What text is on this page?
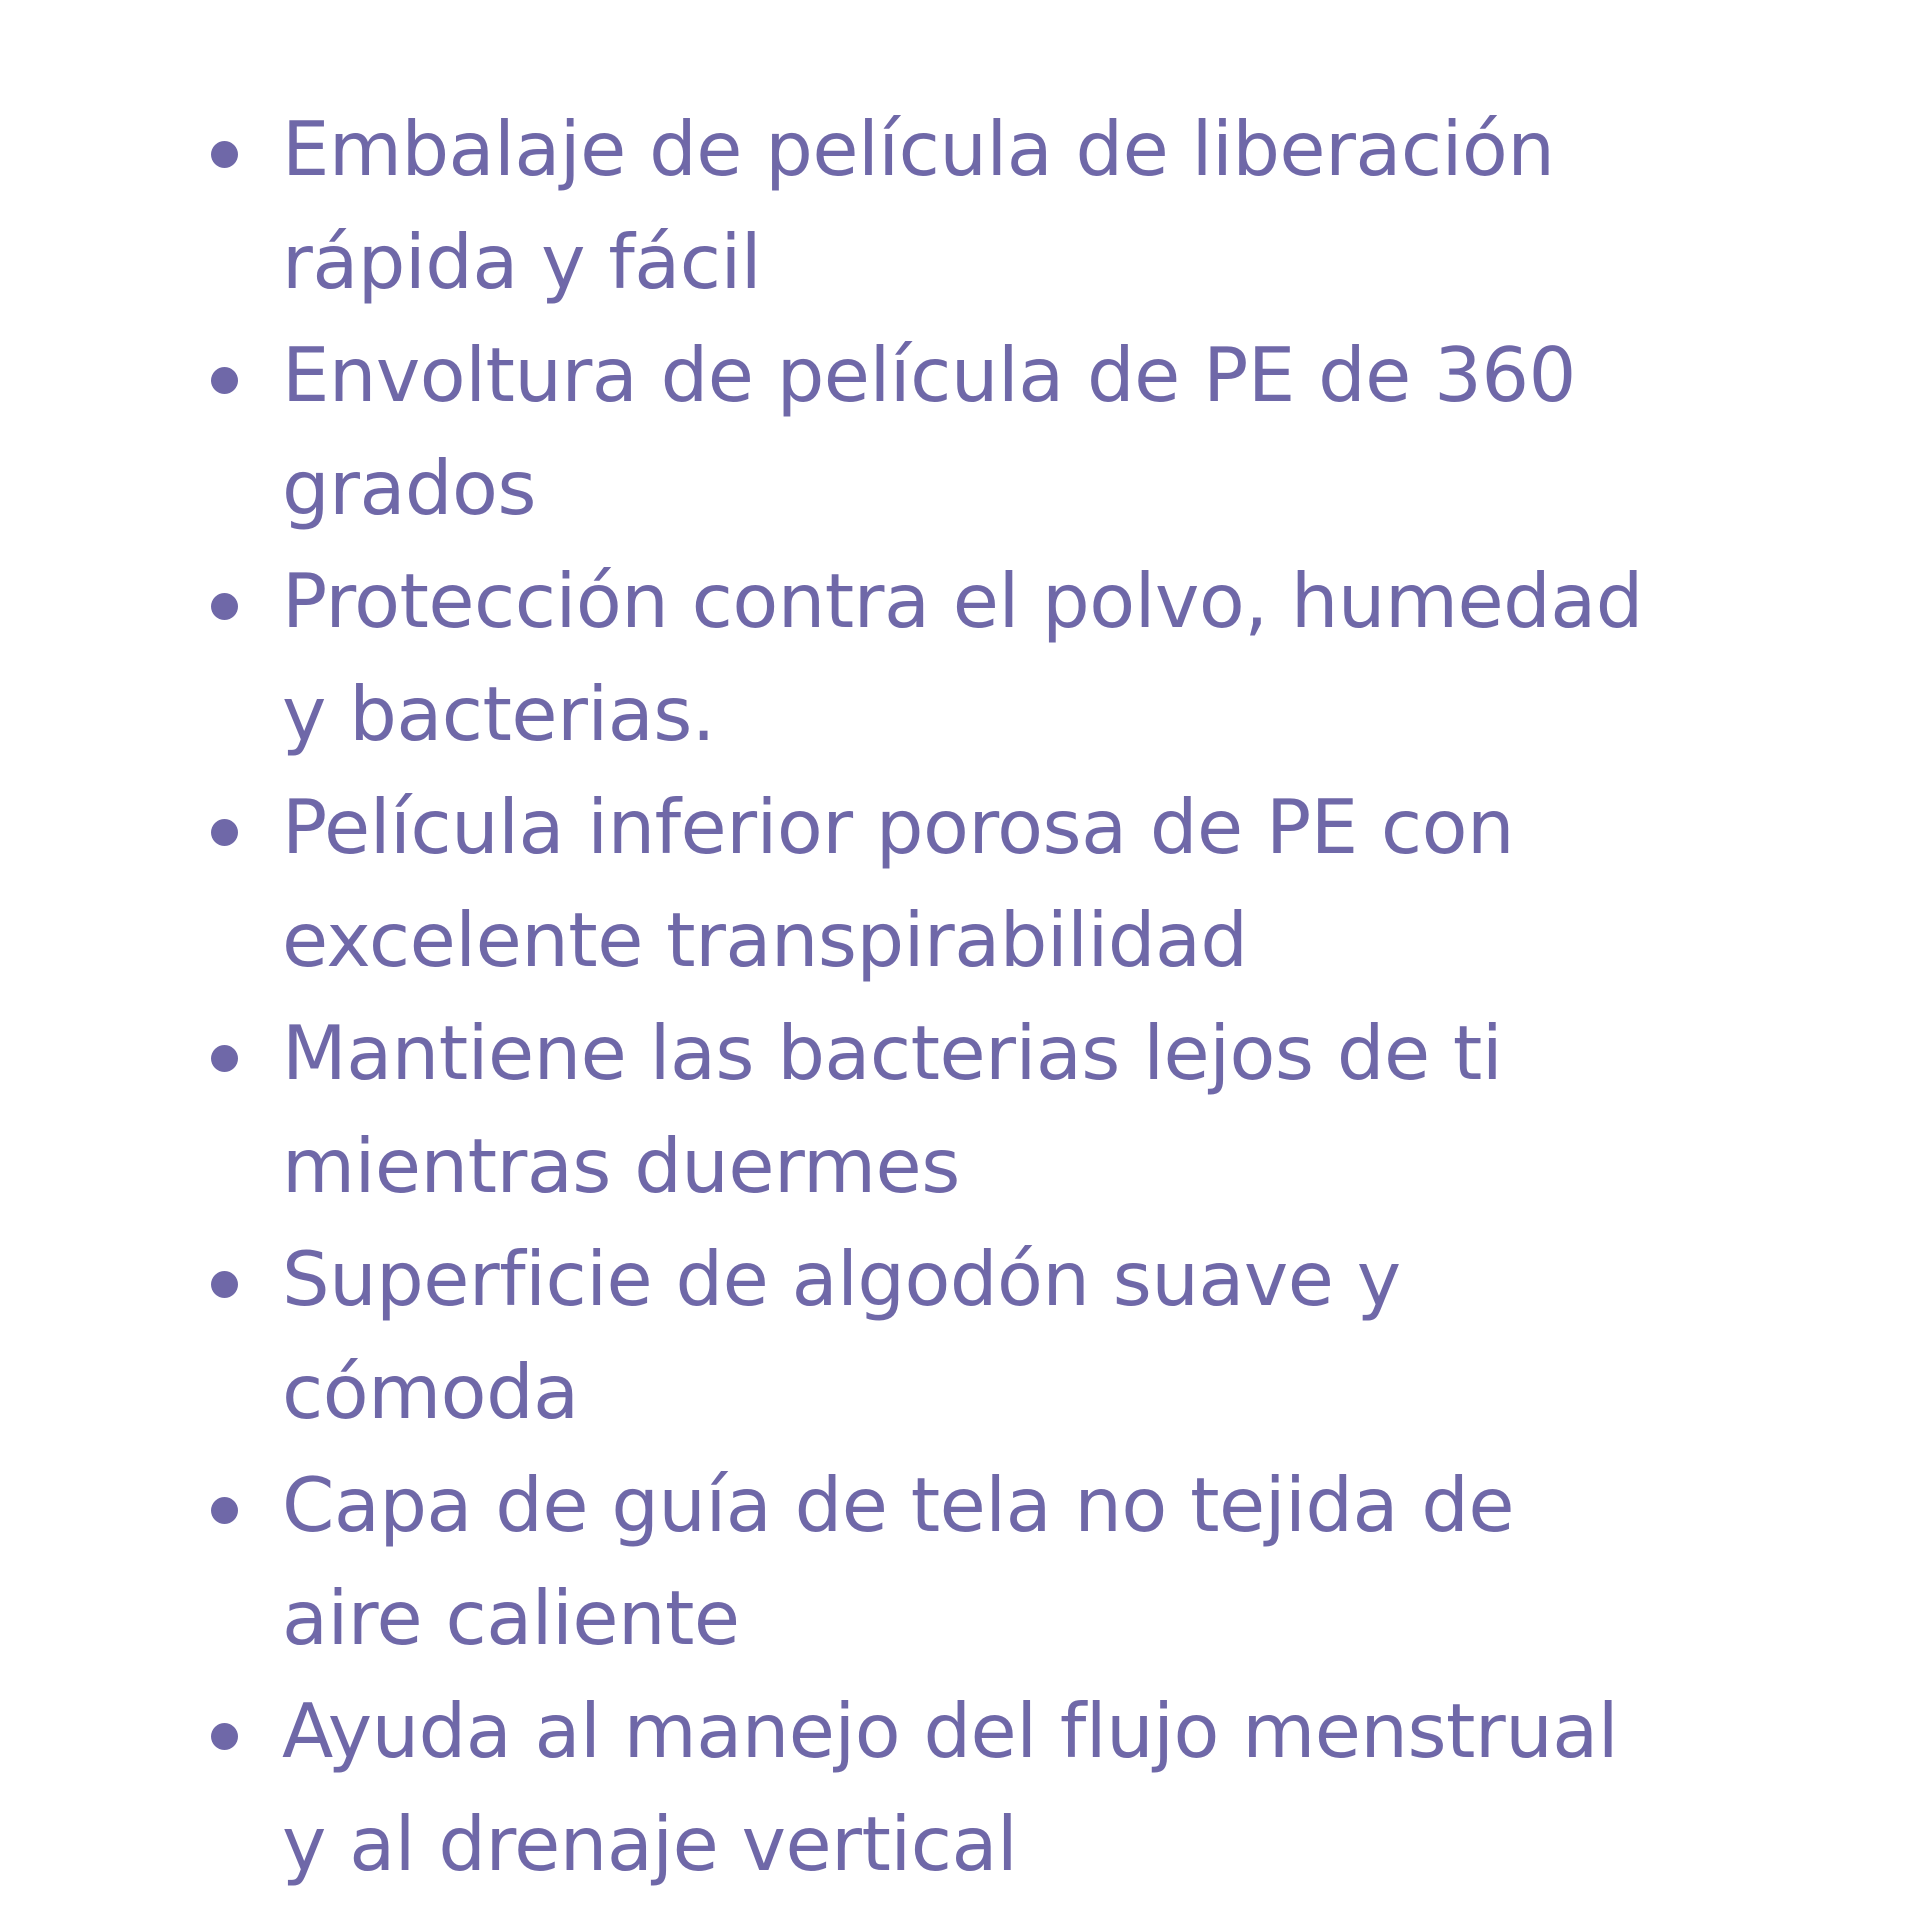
Embalaje de película de liberación
rápida y fácil
Envoltura de película de PE de 360
grados
Protección contra el polvo, humedad
y bacterias.
Película inferior porosa de PE con
excelente transpirabilidad
Mantiene las bacterias lejos de ti
mientras duermes
Superficie de algodón suave y
cómoda
Capa de guía de tela no tejida de
aire caliente
Ayuda al manejo del flujo menstrual
y al drenaje vertical
